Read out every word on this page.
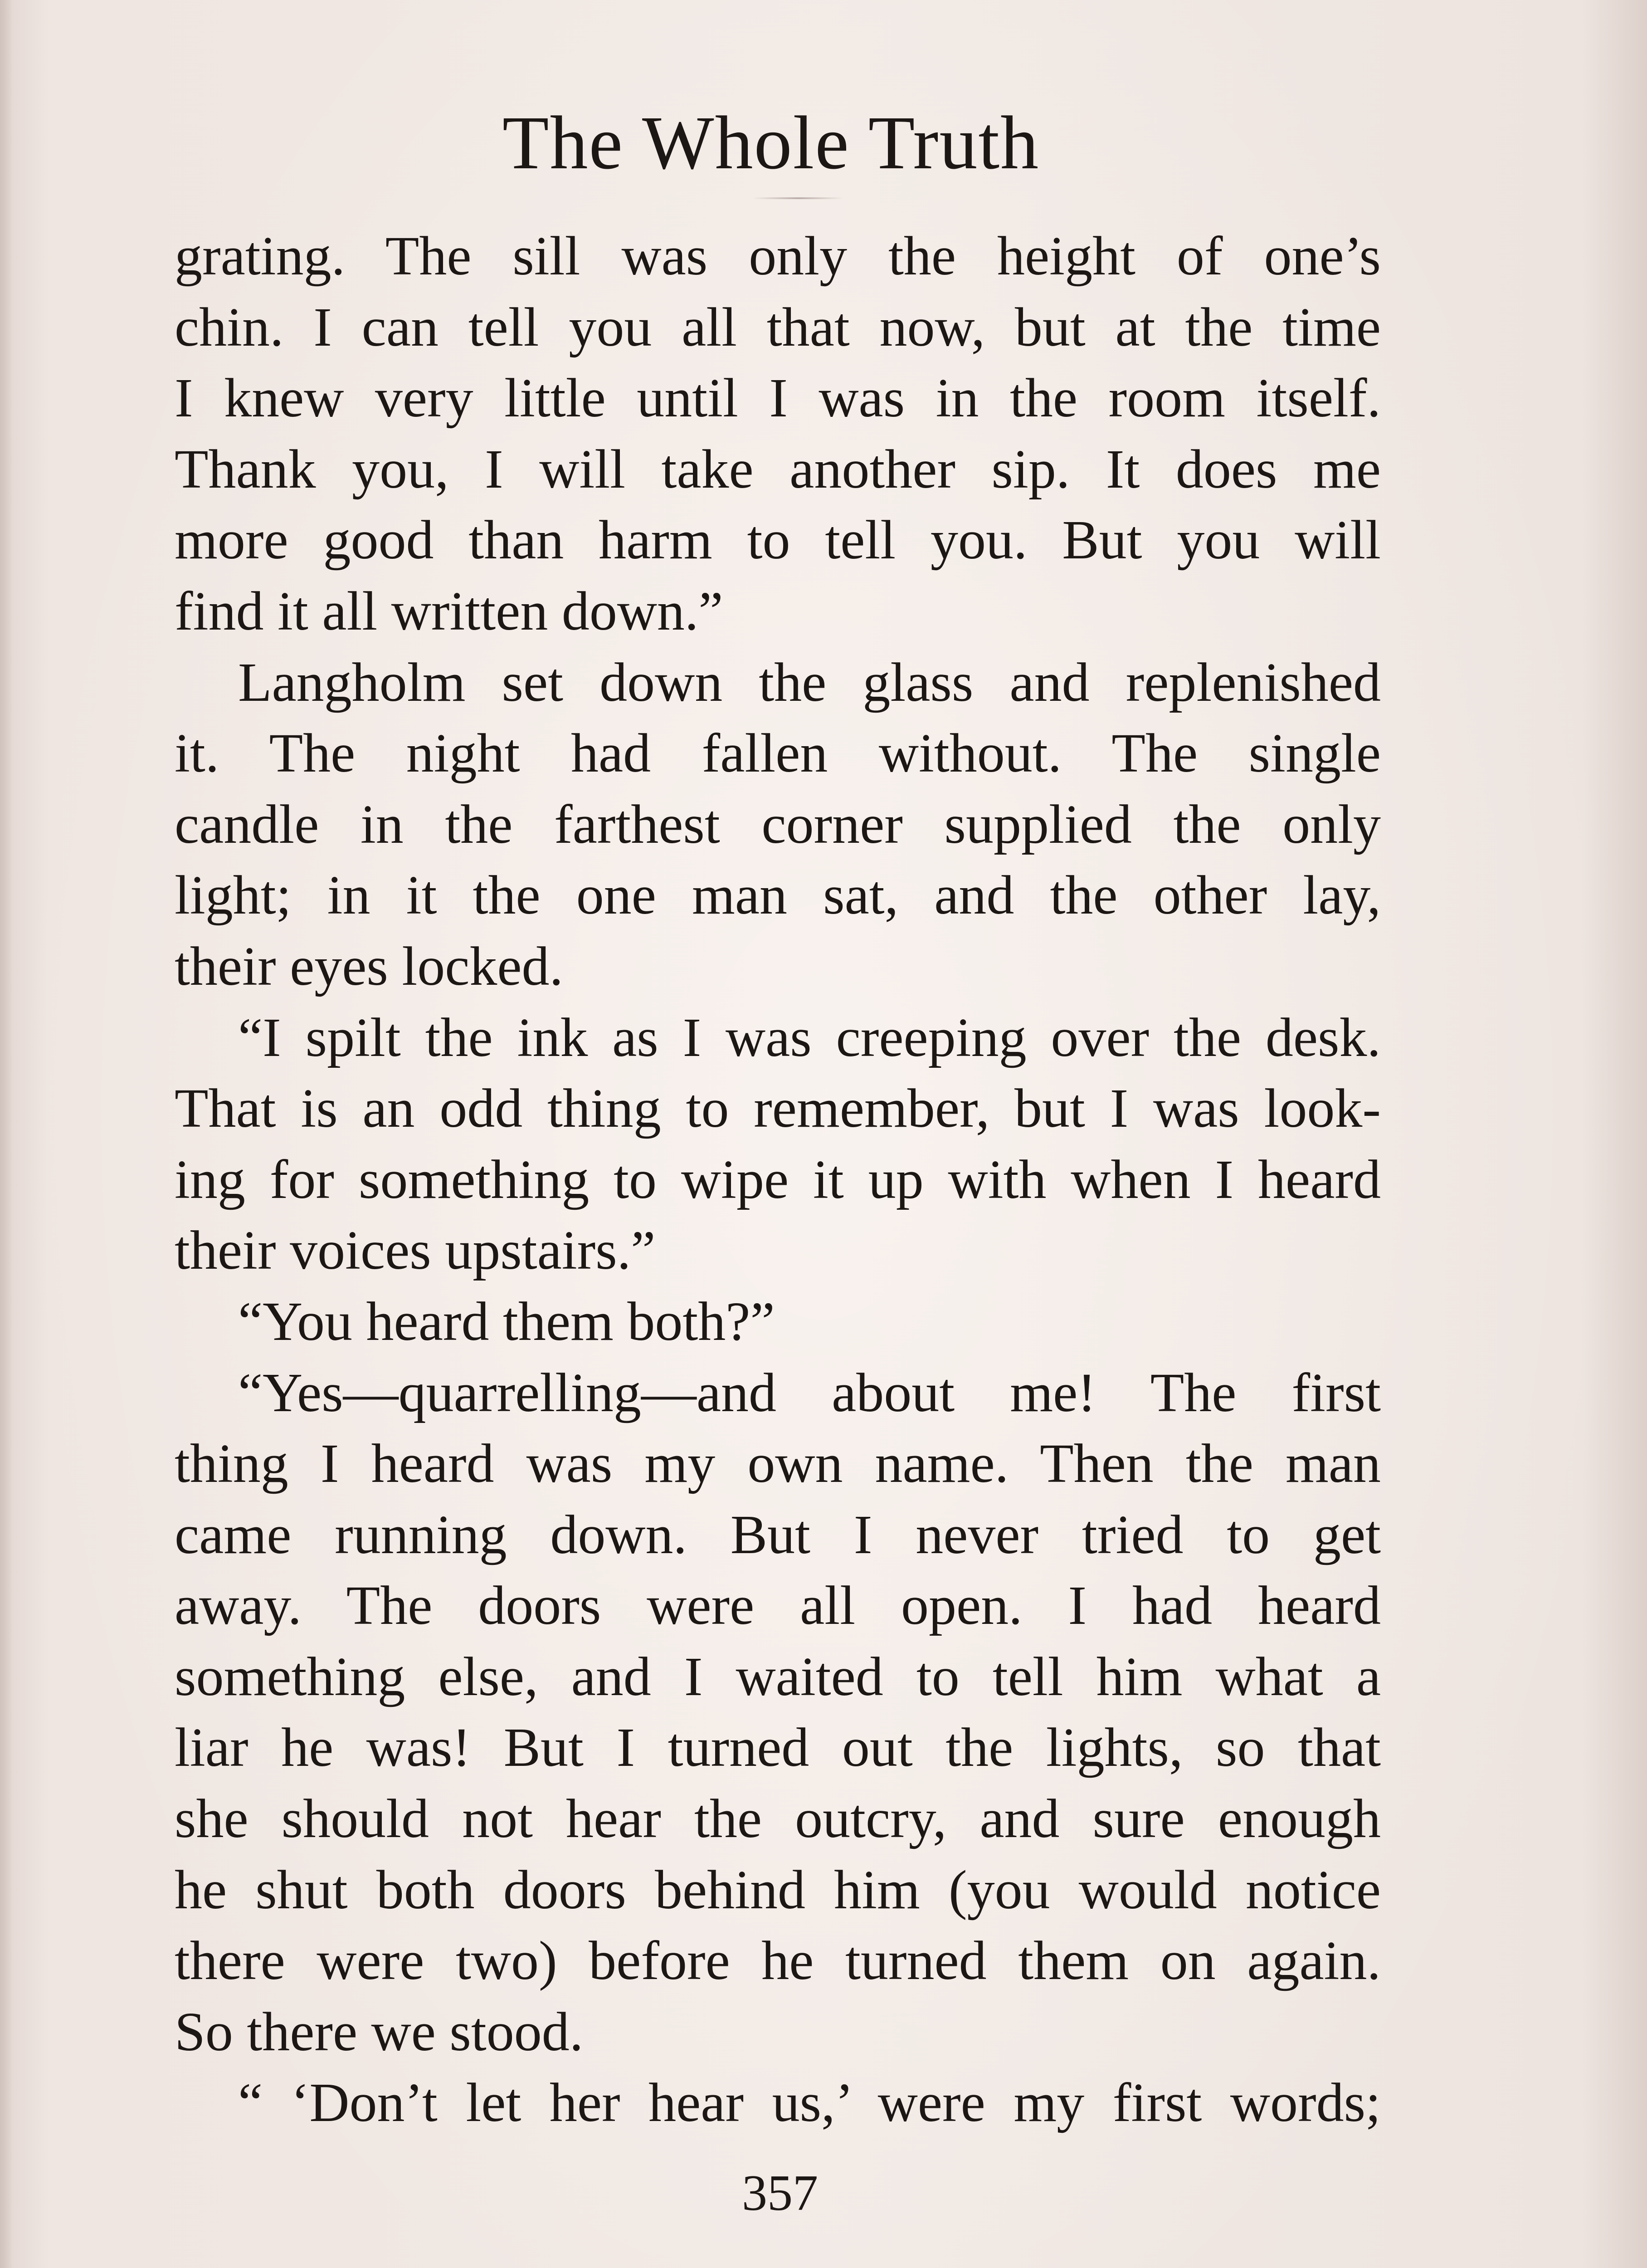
The Whole Truth
grating. The sill was only the height of one’s
chin. I can tell you all that now, but at the time
I knew very little until I was in the room itself.
Thank you, I will take another sip. It does me
more good than harm to tell you. But you will
find it all written down.”
Langholm set down the glass and replenished
it. The night had fallen without. The single
candle in the farthest corner supplied the only
light; in it the one man sat, and the other lay,
their eyes locked.
“I spilt the ink as I was creeping over the desk.
That is an odd thing to remember, but I was look-
ing for something to wipe it up with when I heard
their voices upstairs.”
“You heard them both?”
“Yes—quarrelling—and about me! The first
thing I heard was my own name. Then the man
came running down. But I never tried to get
away. The doors were all open. I had heard
something else, and I waited to tell him what a
liar he was! But I turned out the lights, so that
she should not hear the outcry, and sure enough
he shut both doors behind him (you would notice
there were two) before he turned them on again.
So there we stood.
“ ‘Don’t let her hear us,’ were my first words;
357
